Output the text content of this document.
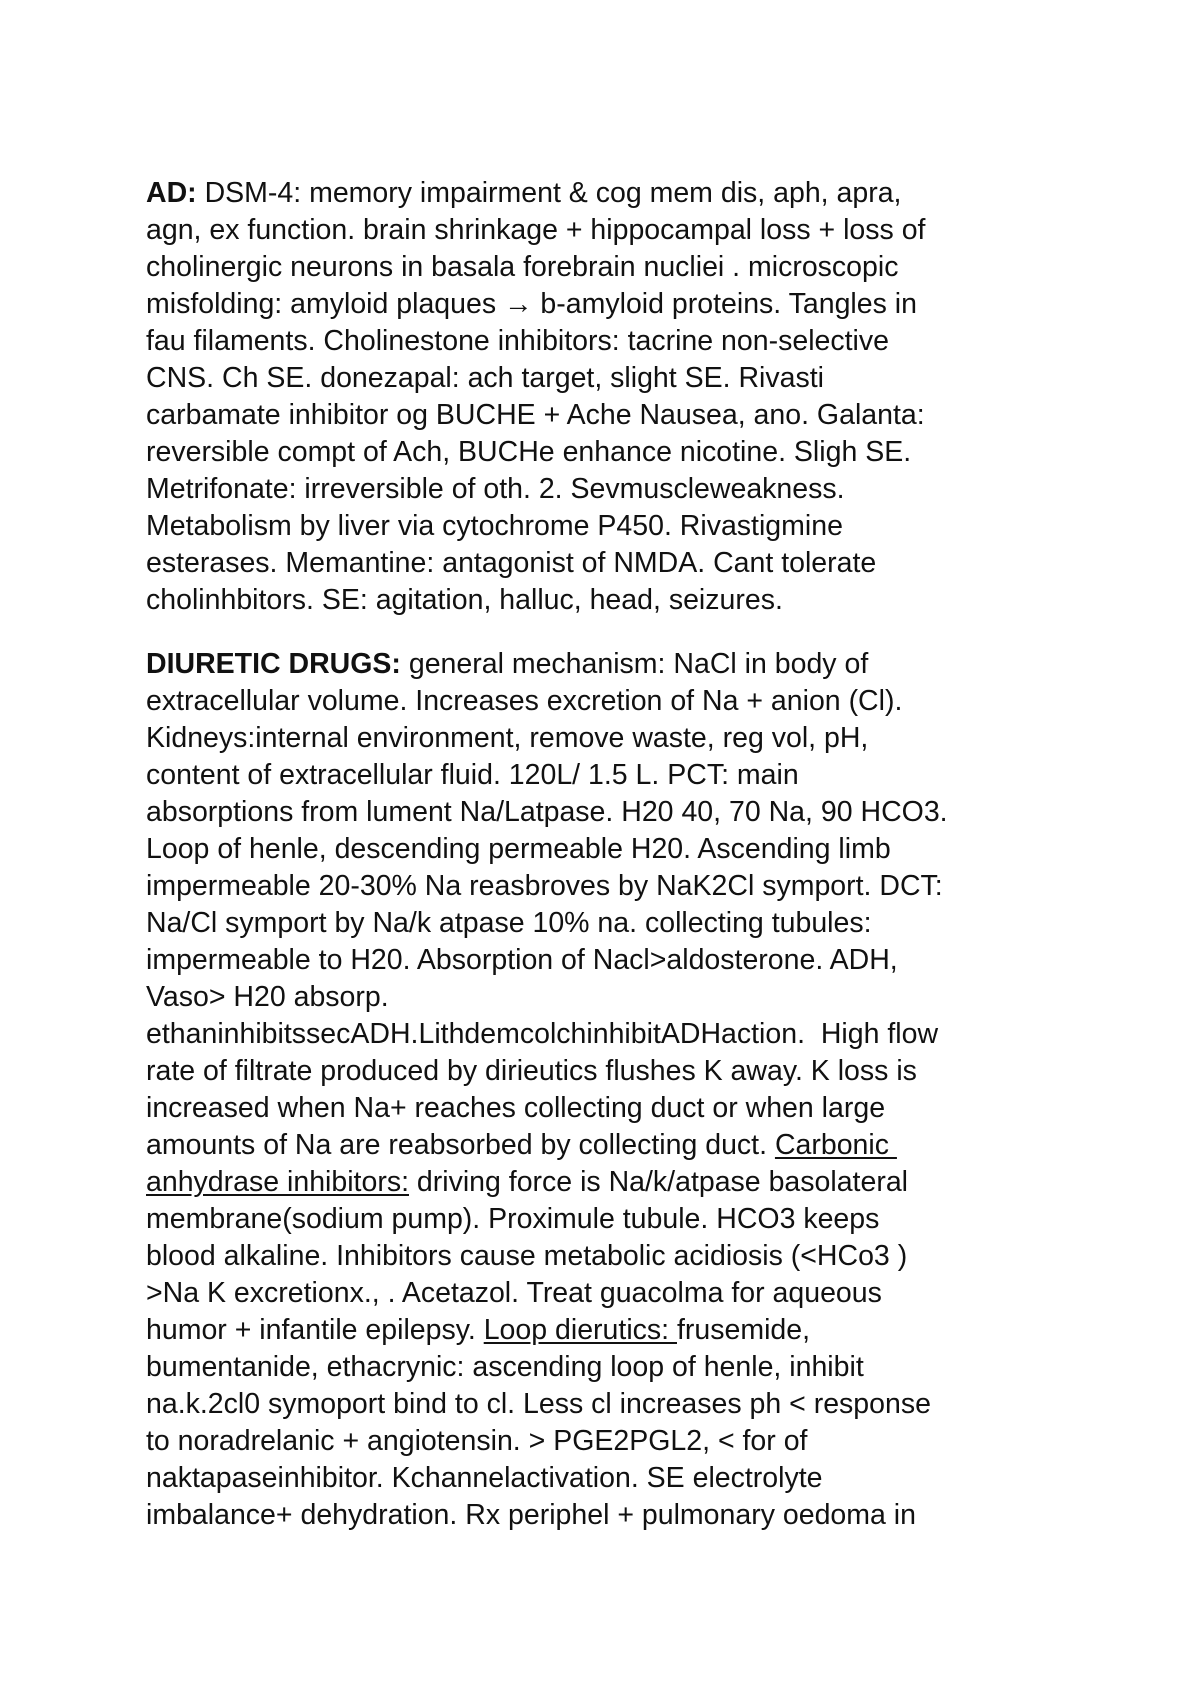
AD: DSM-4: memory impairment & cog mem dis, aph, apra,
agn, ex function. brain shrinkage + hippocampal loss + loss of
cholinergic neurons in basala forebrain nucliei . microscopic
misfolding: amyloid plaques → b-amyloid proteins. Tangles in
fau filaments. Cholinestone inhibitors: tacrine non-selective
CNS. Ch SE. donezapal: ach target, slight SE. Rivasti
carbamate inhibitor og BUCHE + Ache Nausea, ano. Galanta:
reversible compt of Ach, BUCHe enhance nicotine. Sligh SE.
Metrifonate: irreversible of oth. 2. Sevmuscleweakness.
Metabolism by liver via cytochrome P450. Rivastigmine
esterases. Memantine: antagonist of NMDA. Cant tolerate
cholinhbitors. SE: agitation, halluc, head, seizures.

DIURETIC DRUGS: general mechanism: NaCl in body of
extracellular volume. Increases excretion of Na + anion (Cl).
Kidneys:internal environment, remove waste, reg vol, pH,
content of extracellular fluid. 120L/ 1.5 L. PCT: main
absorptions from lument Na/Latpase. H20 40, 70 Na, 90 HCO3.
Loop of henle, descending permeable H20. Ascending limb
impermeable 20-30% Na reasbroves by NaK2Cl symport. DCT:
Na/Cl symport by Na/k atpase 10% na. collecting tubules:
impermeable to H20. Absorption of Nacl>aldosterone. ADH,
Vaso> H20 absorp.
ethaninhibitssecADH.LithdemcolchinhibitADHaction.  High flow
rate of filtrate produced by dirieutics flushes K away. K loss is
increased when Na+ reaches collecting duct or when large
amounts of Na are reabsorbed by collecting duct. Carbonic
anhydrase inhibitors: driving force is Na/k/atpase basolateral
membrane(sodium pump). Proximule tubule. HCO3 keeps
blood alkaline. Inhibitors cause metabolic acidiosis (<HCo3 )
>Na K excretionx., . Acetazol. Treat guacolma for aqueous
humor + infantile epilepsy. Loop dierutics: frusemide,
bumentanide, ethacrynic: ascending loop of henle, inhibit
na.k.2cl0 symoport bind to cl. Less cl increases ph < response
to noradrelanic + angiotensin. > PGE2PGL2, < for of
naktapaseinhibitor. Kchannelactivation. SE electrolyte
imbalance+ dehydration. Rx periphel + pulmonary oedoma in
